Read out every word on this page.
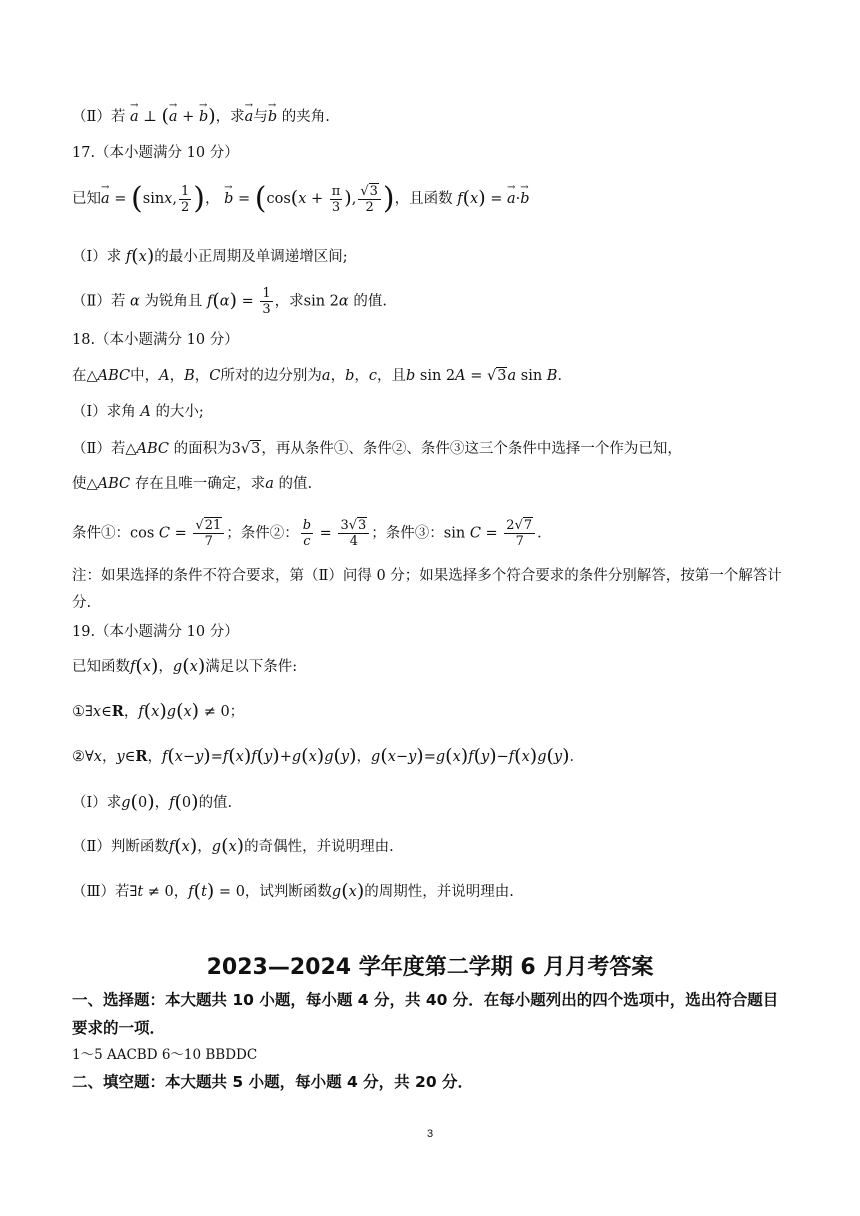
（Ⅱ）若 → a ⊥ (→ a + → b)，求→ a与→ b 的夹角.
17.（本小题满分 10 分）
已知→ a = (sinx, $\frac{1}{2}$ )， → $b = (\cos(x + \frac{\pi}{3}$ ), $\frac{√3}{2}$ )，且函数 f(x) = → a·→ b
（Ⅰ）求 f(x)的最小正周期及单调递增区间;
（Ⅱ）若 α 为锐角且 $f(\alpha) = \frac{1}{3}$ ，求sin 2α 的值.
18.（本小题满分 10 分）
在△ABC中，A，B，C所对的边分别为a，b，c，且b sin 2A = √3a sin B．
（Ⅰ）求角 A 的大小;
（Ⅱ）若△ABC 的面积为3√3，再从条件①、条件②、条件③这三个条件中选择一个作为已知，
使△ABC 存在且唯一确定，求a 的值.
条件①：$\cos C = \frac{√21}{7}$ ；条件②： $\frac{b}{c} = \frac{3√3}{4}$ ；条件③：$\sin C = \frac{2√7}{7}$ ．
注：如果选择的条件不符合要求，第（Ⅱ）问得 0 分；如果选择多个符合要求的条件分别解答，按第一个解答计分.
19.（本小题满分 10 分）
已知函数f(x)，g(x)满足以下条件:
①∃x∈R，f(x)g(x) ≠ 0；
②∀x，y∈R，f(x−y)=f(x)f(y)+g(x)g(y)，g(x−y)=g(x)f(y)−f(x)g(y)．
（Ⅰ）求g(0)，f(0)的值.
（Ⅱ）判断函数f(x)，g(x)的奇偶性，并说明理由.
（Ⅲ）若∃t ≠ 0，f(t) = 0，试判断函数g(x)的周期性，并说明理由.
2023—2024 学年度第二学期 6 月月考答案
一、选择题：本大题共 10 小题，每小题 4 分，共 40 分．在每小题列出的四个选项中，选出符合题目要求的一项．
1～5 AACBD 6～10 BBDDC
二、填空题：本大题共 5 小题，每小题 4 分，共 20 分．
3
